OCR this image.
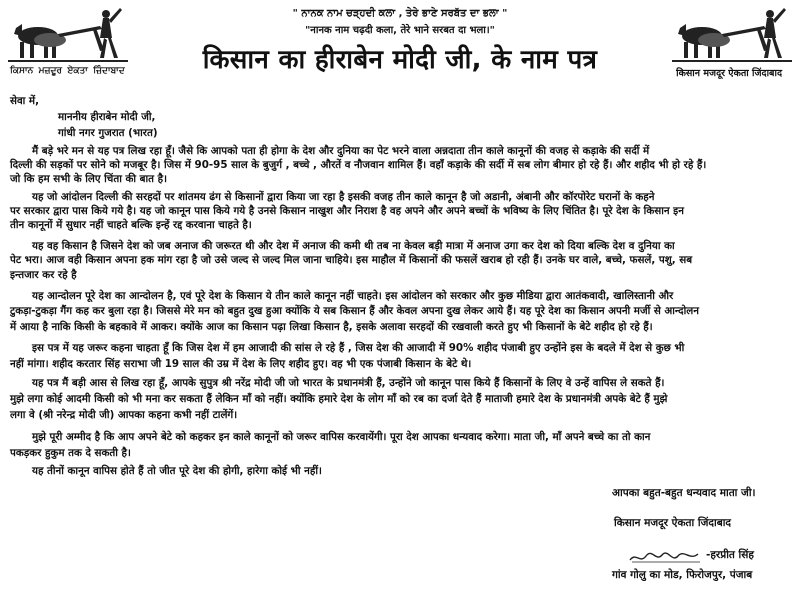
ਕਿਸਾਨ ਮਜ਼ਦੂਰ ਏਕਤਾ ਜ਼ਿੰਦਾਬਾਦ	किसान मजदूर ऐकता जिंदाबाद
" ਨਾਨਕ ਨਾਮ ਚੜ੍ਹਦੀ ਕਲਾ , ਤੇਰੇ ਭਾਣੇ ਸਰਬੱਤ ਦਾ ਭਲਾ "
"नानक नाम चढ़दी कला, तेरे भाने सरबत दा भला।"
किसान का हीराबेन मोदी जी, के नाम पत्र
सेवा में,
माननीय हीराबेन मोदी जी,
गांधी नगर गुजरात (भारत)
मैं बड़े भरे मन से यह पत्र लिख रहा हूँ। जैसे कि आपको पता ही होगा के देश और दुनिया का पेट भरने वाला अन्नदाता तीन काले कानूनों की वजह से कड़ाके की सर्दी में
दिल्ली की सड़कों पर सोने को मजबूर है। जिस में 90-95 साल के बुजुर्ग , बच्चे , औरतें व नौजवान शामिल हैं। वहाँ कड़ाके की सर्दी में सब लोग बीमार हो रहे हैं। और शहीद भी हो रहे हैं।
जो कि हम सभी के लिए चिंता की बात है।
यह जो आंदोलन दिल्ली की सरहदों पर शांतमय ढंग से किसानों द्वारा किया जा रहा है इसकी वजह तीन काले कानून है जो अडानी, अंबानी और कॉरपोरेट घरानों के कहने
पर सरकार द्वारा पास किये गये है। यह जो कानून पास किये गये है उनसे किसान नाखुश और निराश है वह अपने और अपने बच्चों के भविष्य के लिए चिंतित है। पूरे देश के किसान इन
तीन कानूनों में सुधार नहीं चाहते बल्कि इन्हें रद्द करवाना चाहते है।
यह वह किसान है जिसने देश को जब अनाज की जरूरत थी और देश में अनाज की कमी थी तब ना केवल बड़ी मात्रा में अनाज उगा कर देश को दिया बल्कि देश व दुनिया का
पेट भरा। आज वही किसान अपना हक मांग रहा है जो उसे जल्द से जल्द मिल जाना चाहिये। इस माहौल में किसानों की फसलें खराब हो रही हैं। उनके घर वाले, बच्चे, फसलें, पशु, सब
इन्तजार कर रहे है
यह आन्दोलन पूरे देश का आन्दोलन है, एवं पूरे देश के किसान ये तीन काले कानून नहीं चाहते। इस आंदोलन को सरकार और कुछ मीडिया द्वारा आतंकवादी, खालिस्तानी और
टुकड़ा-टुकड़ा गैंग कह कर बुला रहा है। जिससे मेरे मन को बहुत दुख हुआ क्योंकि ये सब किसान हैं और केवल अपना दुख लेकर आये हैं। यह पूरे देश का किसान अपनी मर्जी से आन्दोलन
में आया है नाकि किसी के बहकावे में आकर। क्योंके आज का किसान पढ़ा लिखा किसान है, इसके अलावा सरहदों की रखवाली करते हुए भी किसानों के बेटे शहीद हो रहे हैं।
इस पत्र में यह जरूर कहना चाहता हूँ कि जिस देश में हम आजादी की सांस ले रहे हैं , जिस देश की आजादी में 90% शहीद पंजाबी हुए उन्होंने इस के बदले में देश से कुछ भी
नहीं मांगा। शहीद करतार सिंह सराभा जी 19 साल की उम्र में देश के लिए शहीद हुए। वह भी एक पंजाबी किसान के बेटे थे।
यह पत्र मैं बड़ी आस से लिख रहा हूँ, आपके सुपुत्र श्री नरेंद्र मोदी जी जो भारत के प्रधानमंत्री हैं, उन्होंने जो कानून पास किये हैं किसानों के लिए वे उन्हें वापिस ले सकते हैं।
मुझे लगा कोई आदमी किसी को भी मना कर सकता हैं लेकिन माँ को नहीं। क्योंकि हमारे देश के लोग माँ को रब का दर्जा देते हैं माताजी हमारे देश के प्रधानमंत्री अपके बेटे हैं मुझे
लगा वे (श्री नरेन्द्र मोदी जी) आपका कहना कभी नहीं टालेंगें।
मुझे पूरी अम्मीद है कि आप अपने बेटे को कहकर इन काले कानूनों को जरूर वापिस करवायेंगी। पूरा देश आपका धन्यवाद करेगा। माता जी, माँ अपने बच्चे का तो कान
पकड़कर हुकुम तक दे सकती है।
यह तीनों कानून वापिस होते हैं तो जीत पूरे देश की होगी, हारेगा कोई भी नहीं।
आपका बहुत-बहुत धन्यवाद माता जी।
किसान मजदूर ऐकता जिंदाबाद
-हरप्रीत सिंह
गांव गोलु का मोड, फिरोजपुर, पंजाब
